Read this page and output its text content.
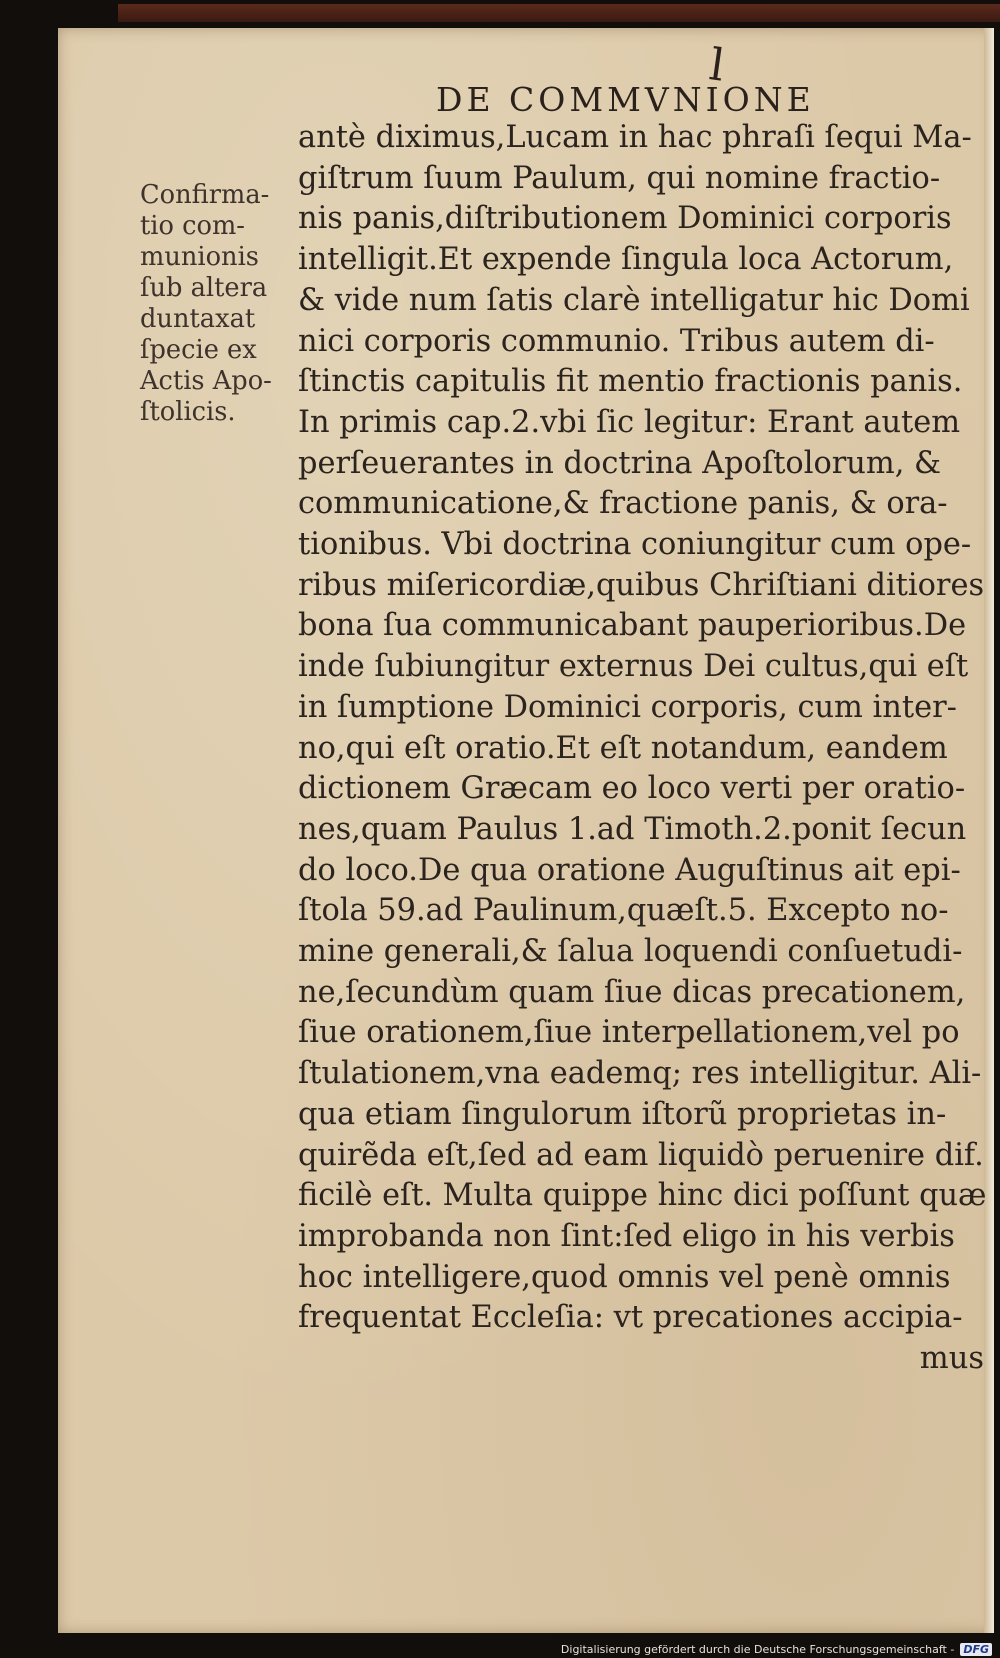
l
DE COMMVNIONE
Confirma-
tio com-
munionis
ſub altera
duntaxat
ſpecie ex
Actis Apo-
ſtolicis.
antè diximus,Lucam in hac phraſi ſequi Ma-
giſtrum ſuum Paulum, qui nomine fractio-
nis panis,diſtributionem Dominici corporis
intelligit.Et expende ſingula loca Actorum,
& vide num ſatis clarè intelligatur hic Domi
nici corporis communio. Tribus autem di-
ſtinctis capitulis fit mentio fractionis panis.
In primis cap.2.vbi ſic legitur: Erant autem
perſeuerantes in doctrina Apoſtolorum, &
communicatione,& fractione panis, & ora-
tionibus. Vbi doctrina coniungitur cum ope-
ribus miſericordiæ,quibus Chriſtiani ditiores
bona ſua communicabant pauperioribus.De
inde ſubiungitur externus Dei cultus,qui eſt
in ſumptione Dominici corporis, cum inter-
no,qui eſt oratio.Et eſt notandum, eandem
dictionem Græcam eo loco verti per oratio-
nes,quam Paulus 1.ad Timoth.2.ponit ſecun
do loco.De qua oratione Auguſtinus ait epi-
ſtola 59.ad Paulinum,quæſt.5. Excepto no-
mine generali,& ſalua loquendi conſuetudi-
ne,ſecundùm quam ſiue dicas precationem,
ſiue orationem,ſiue interpellationem,vel po
ſtulationem,vna eademq; res intelligitur. Ali-
qua etiam ſingulorum iſtorũ proprietas in-
quirẽda eſt,ſed ad eam liquidò peruenire dif.
ficilè eſt. Multa quippe hinc dici poſſunt quæ
improbanda non ſint:ſed eligo in his verbis
hoc intelligere,quod omnis vel penè omnis
frequentat Eccleſia: vt precationes accipia-
mus
Digitalisierung gefördert durch die Deutsche Forschungsgemeinschaft - DFG
